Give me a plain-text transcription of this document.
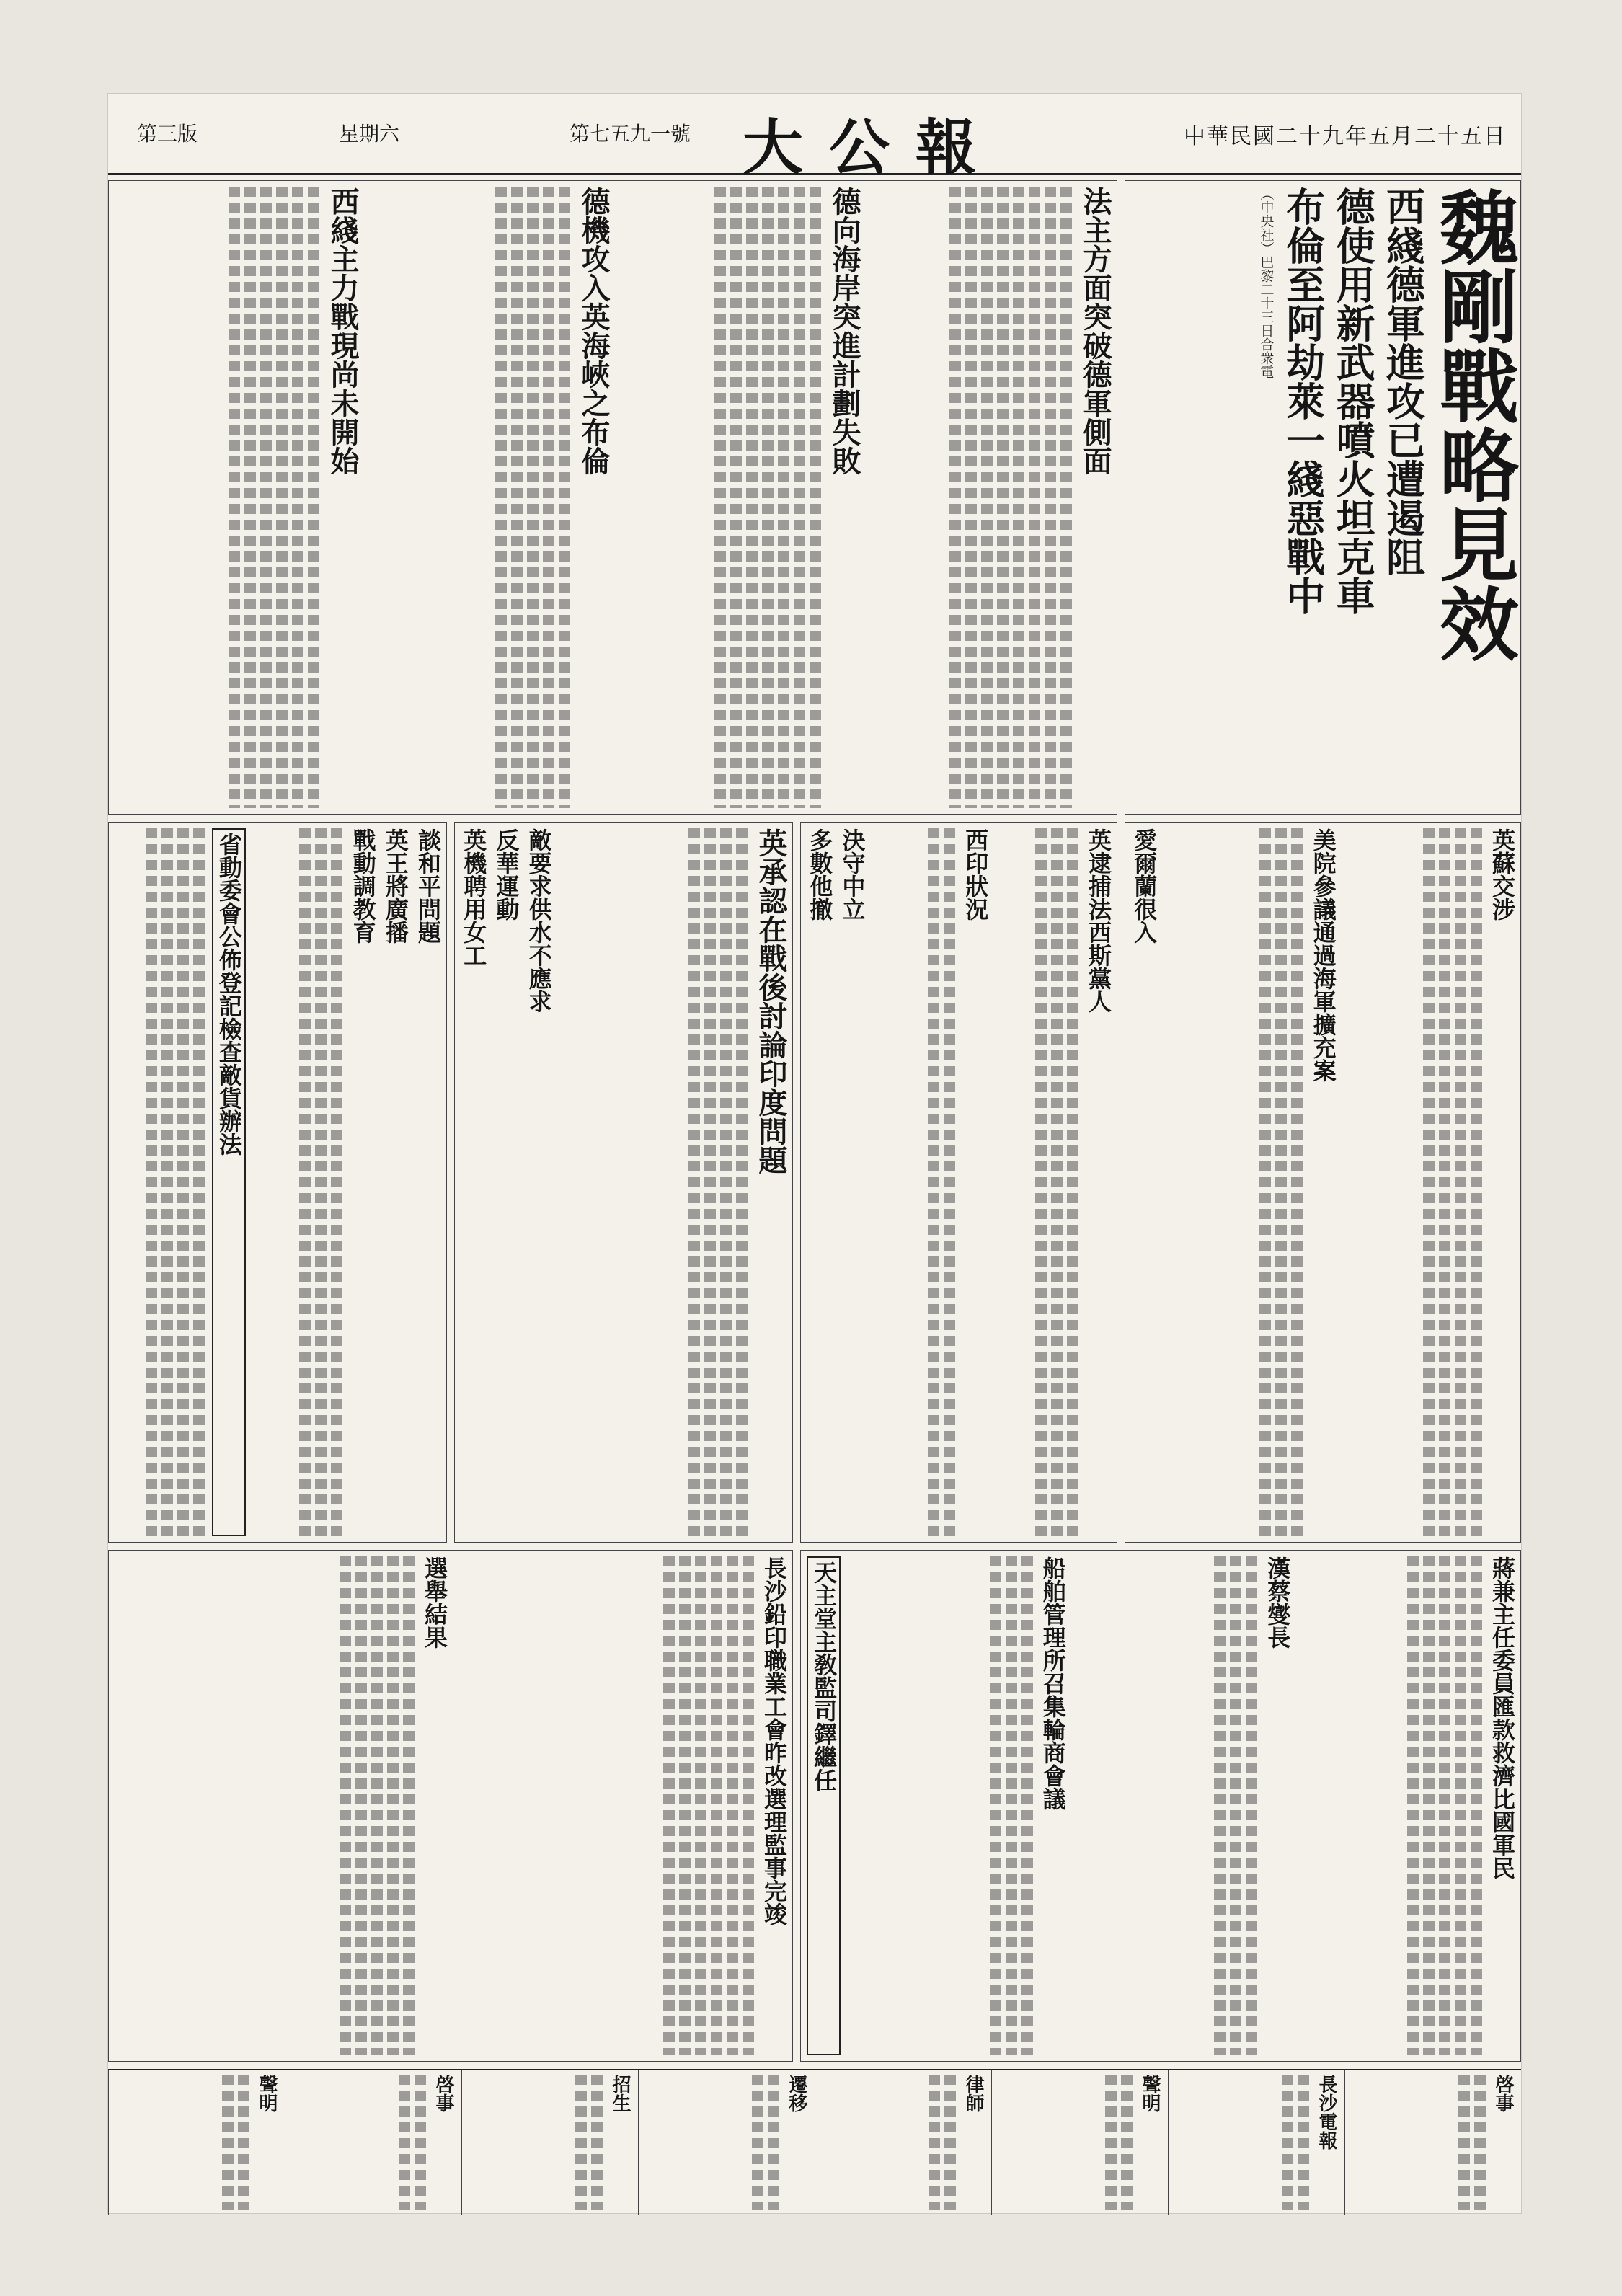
第三版	星期六	第七五九一號 大公報	中華民國二十九年五月二十五日
魏剛戰略見效
西綫德軍進攻已遭遏阻
德使用新武器噴火坦克車
布倫至阿劫萊一綫惡戰中
（中央社）巴黎二十三日合衆電
法主方面突破德軍側面
德向海岸突進計劃失敗
德機攻入英海峽之布倫
西綫主力戰現尚未開始
英蘇交涉
美院參議通過海軍擴充案
愛爾蘭很入
英逮捕法西斯黨人
西印狀況
決守中立
多數他撤
英承認在戰後討論印度問題
敵要求供水不應求
反華運動
英機聘用女工
談和平問題
英王將廣播
戰動調教育
省動委會公佈登記檢查敵貨辦法
蔣兼主任委員匯款救濟比國軍民
漢蔡燮長
船舶管理所召集輪商會議
天主堂主敎監司鐸繼任
長沙鉛印職業工會昨改選理監事完竣
選舉結果
啓事
長沙電報
聲明
律師
遷移
招生
啓事
聲明
